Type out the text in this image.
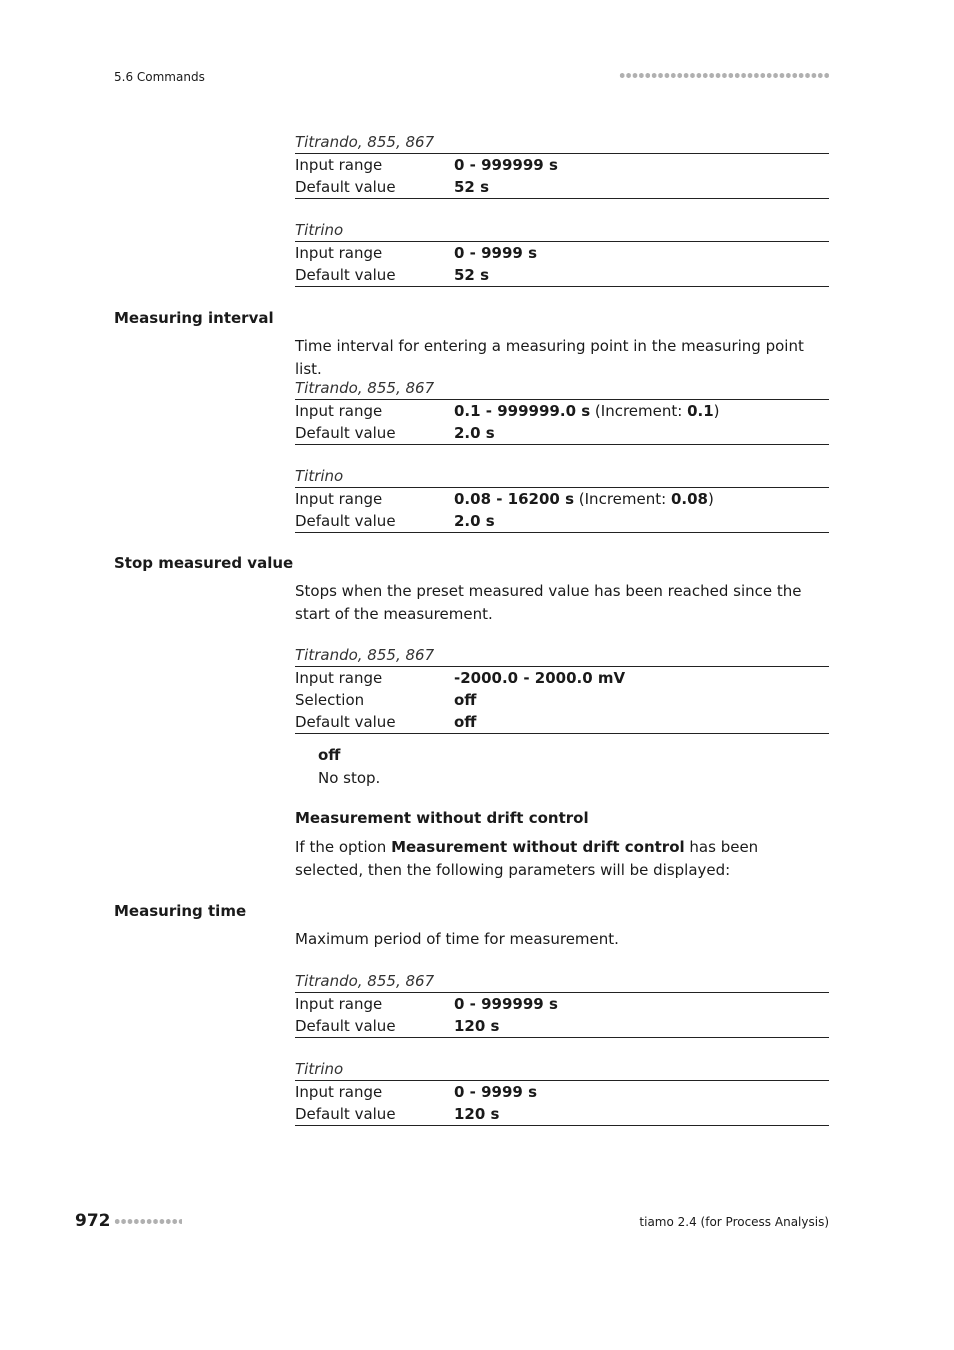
5.6 Commands
Titrando, 855, 867
Input range	0 - 999999 s
Default value	52 s
Titrino
Input range	0 - 9999 s
Default value	52 s
Measuring interval

Time interval for entering a measuring point in the measuring point list.

Titrando, 855, 867
Input range	0.1 - 999999.0 s (Increment: 0.1)
Default value	2.0 s
Titrino
Input range	0.08 - 16200 s (Increment: 0.08)
Default value	2.0 s
Stop measured value

Stops when the preset measured value has been reached since the start of the measurement.

Titrando, 855, 867
Input range	-2000.0 - 2000.0 mV
Selection	off
Default value	off
off
No stop.
Measurement without drift control

If the option Measurement without drift control has been selected, then the following parameters will be displayed:

Measuring time

Maximum period of time for measurement.

Titrando, 855, 867
Input range	0 - 999999 s
Default value	120 s
Titrino
Input range	0 - 9999 s
Default value	120 s
972	tiamo 2.4 (for Process Analysis)
